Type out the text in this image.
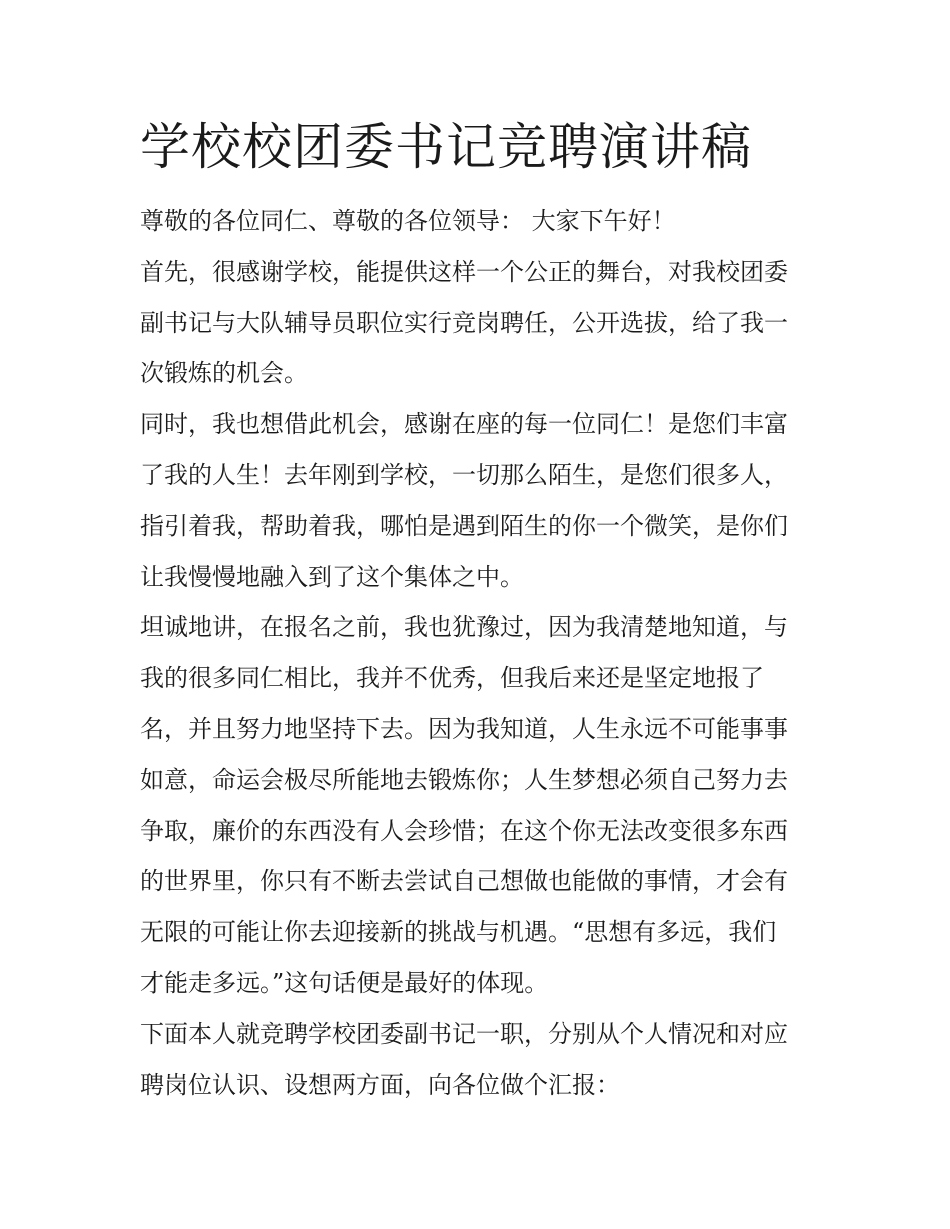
学校校团委书记竞聘演讲稿
尊敬的各位同仁、尊敬的各位领导： 大家下午好！
首先，很感谢学校，能提供这样一个公正的舞台，对我校团委
副书记与大队辅导员职位实行竞岗聘任，公开选拔，给了我一
次锻炼的机会。
同时，我也想借此机会，感谢在座的每一位同仁！是您们丰富
了我的人生！去年刚到学校，一切那么陌生，是您们很多人，
指引着我，帮助着我，哪怕是遇到陌生的你一个微笑，是你们
让我慢慢地融入到了这个集体之中。
坦诚地讲，在报名之前，我也犹豫过，因为我清楚地知道，与
我的很多同仁相比，我并不优秀，但我后来还是坚定地报了
名，并且努力地坚持下去。因为我知道，人生永远不可能事事
如意，命运会极尽所能地去锻炼你；人生梦想必须自己努力去
争取，廉价的东西没有人会珍惜；在这个你无法改变很多东西
的世界里，你只有不断去尝试自己想做也能做的事情，才会有
无限的可能让你去迎接新的挑战与机遇。“思想有多远，我们
才能走多远。”这句话便是最好的体现。
下面本人就竞聘学校团委副书记一职，分别从个人情况和对应
聘岗位认识、设想两方面，向各位做个汇报：
